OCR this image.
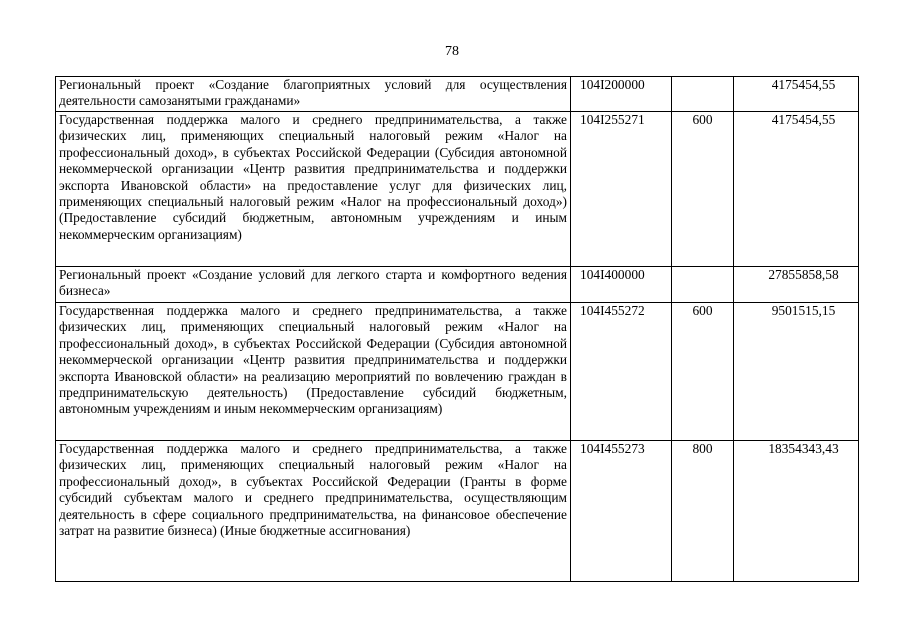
78
Региональный проект «Создание благоприятных условий для осуществления деятельности самозанятыми гражданами»	104I200000		4175454,55
Государственная поддержка малого и среднего предпринимательства, а также физических лиц, применяющих специальный налоговый режим «Налог на профессиональный доход», в субъектах Российской Федерации (Субсидия автономной некоммерческой организации «Центр развития предпринимательства и поддержки экспорта Ивановской области» на предоставление услуг для физических лиц, применяющих специальный налоговый режим «Налог на профессиональный доход») (Предоставление субсидий бюджетным, автономным учреждениям и иным некоммерческим организациям)	104I255271	600	4175454,55
Региональный проект «Создание условий для легкого старта и комфортного ведения бизнеса»	104I400000		27855858,58
Государственная поддержка малого и среднего предпринимательства, а также физических лиц, применяющих специальный налоговый режим «Налог на профессиональный доход», в субъектах Российской Федерации (Субсидия автономной некоммерческой организации «Центр развития предпринимательства и поддержки экспорта Ивановской области» на реализацию мероприятий по вовлечению граждан в предпринимательскую деятельность) (Предоставление субсидий бюджетным, автономным учреждениям и иным некоммерческим организациям)	104I455272	600	9501515,15
Государственная поддержка малого и среднего предпринимательства, а также физических лиц, применяющих специальный налоговый режим «Налог на профессиональный доход», в субъектах Российской Федерации (Гранты в форме субсидий субъектам малого и среднего предпринимательства, осуществляющим деятельность в сфере социального предпринимательства, на финансовое обеспечение затрат на развитие бизнеса) (Иные бюджетные ассигнования)	104I455273	800	18354343,43
